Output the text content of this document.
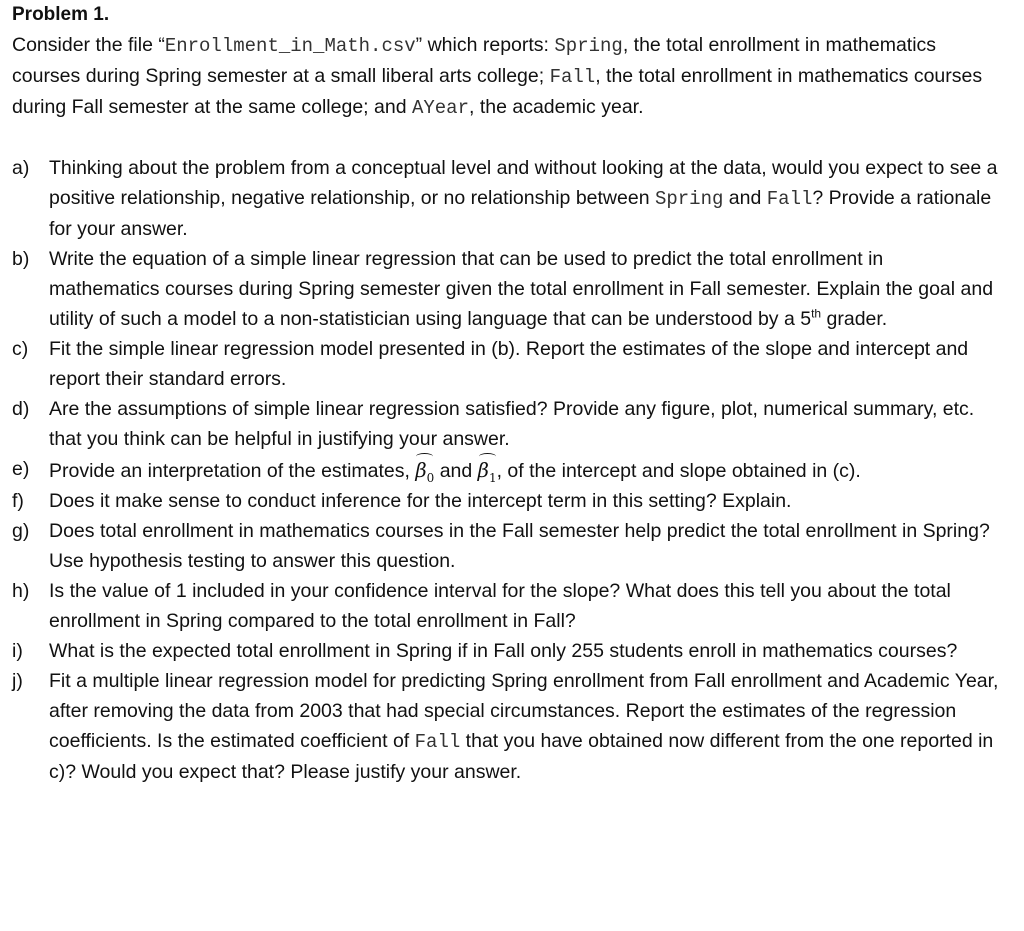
Problem 1.

Consider the file “Enrollment_in_Math.csv” which reports: Spring, the total enrollment in mathematics courses during Spring semester at a small liberal arts college; Fall, the total enrollment in mathematics courses during Fall semester at the same college; and AYear, the academic year.

a)	Thinking about the problem from a conceptual level and without looking at the data, would you expect to see a positive relationship, negative relationship, or no relationship between Spring and Fall? Provide a rationale for your answer.
b)	Write the equation of a simple linear regression that can be used to predict the total enrollment in mathematics courses during Spring semester given the total enrollment in Fall semester. Explain the goal and utility of such a model to a non-statistician using language that can be understood by a 5th grader.
c)	Fit the simple linear regression model presented in (b). Report the estimates of the slope and intercept and report their standard errors.
d)	Are the assumptions of simple linear regression satisfied? Provide any figure, plot, numerical summary, etc. that you think can be helpful in justifying your answer.
e)	Provide an interpretation of the estimates, $\beta_0$ and $\beta_1$, of the intercept and slope obtained in (c).
f)	Does it make sense to conduct inference for the intercept term in this setting? Explain.
g)	Does total enrollment in mathematics courses in the Fall semester help predict the total enrollment in Spring? Use hypothesis testing to answer this question.
h)	Is the value of 1 included in your confidence interval for the slope? What does this tell you about the total enrollment in Spring compared to the total enrollment in Fall?
i)	What is the expected total enrollment in Spring if in Fall only 255 students enroll in mathematics courses?
j)	Fit a multiple linear regression model for predicting Spring enrollment from Fall enrollment and Academic Year, after removing the data from 2003 that had special circumstances. Report the estimates of the regression coefficients. Is the estimated coefficient of Fall that you have obtained now different from the one reported in c)? Would you expect that? Please justify your answer.
